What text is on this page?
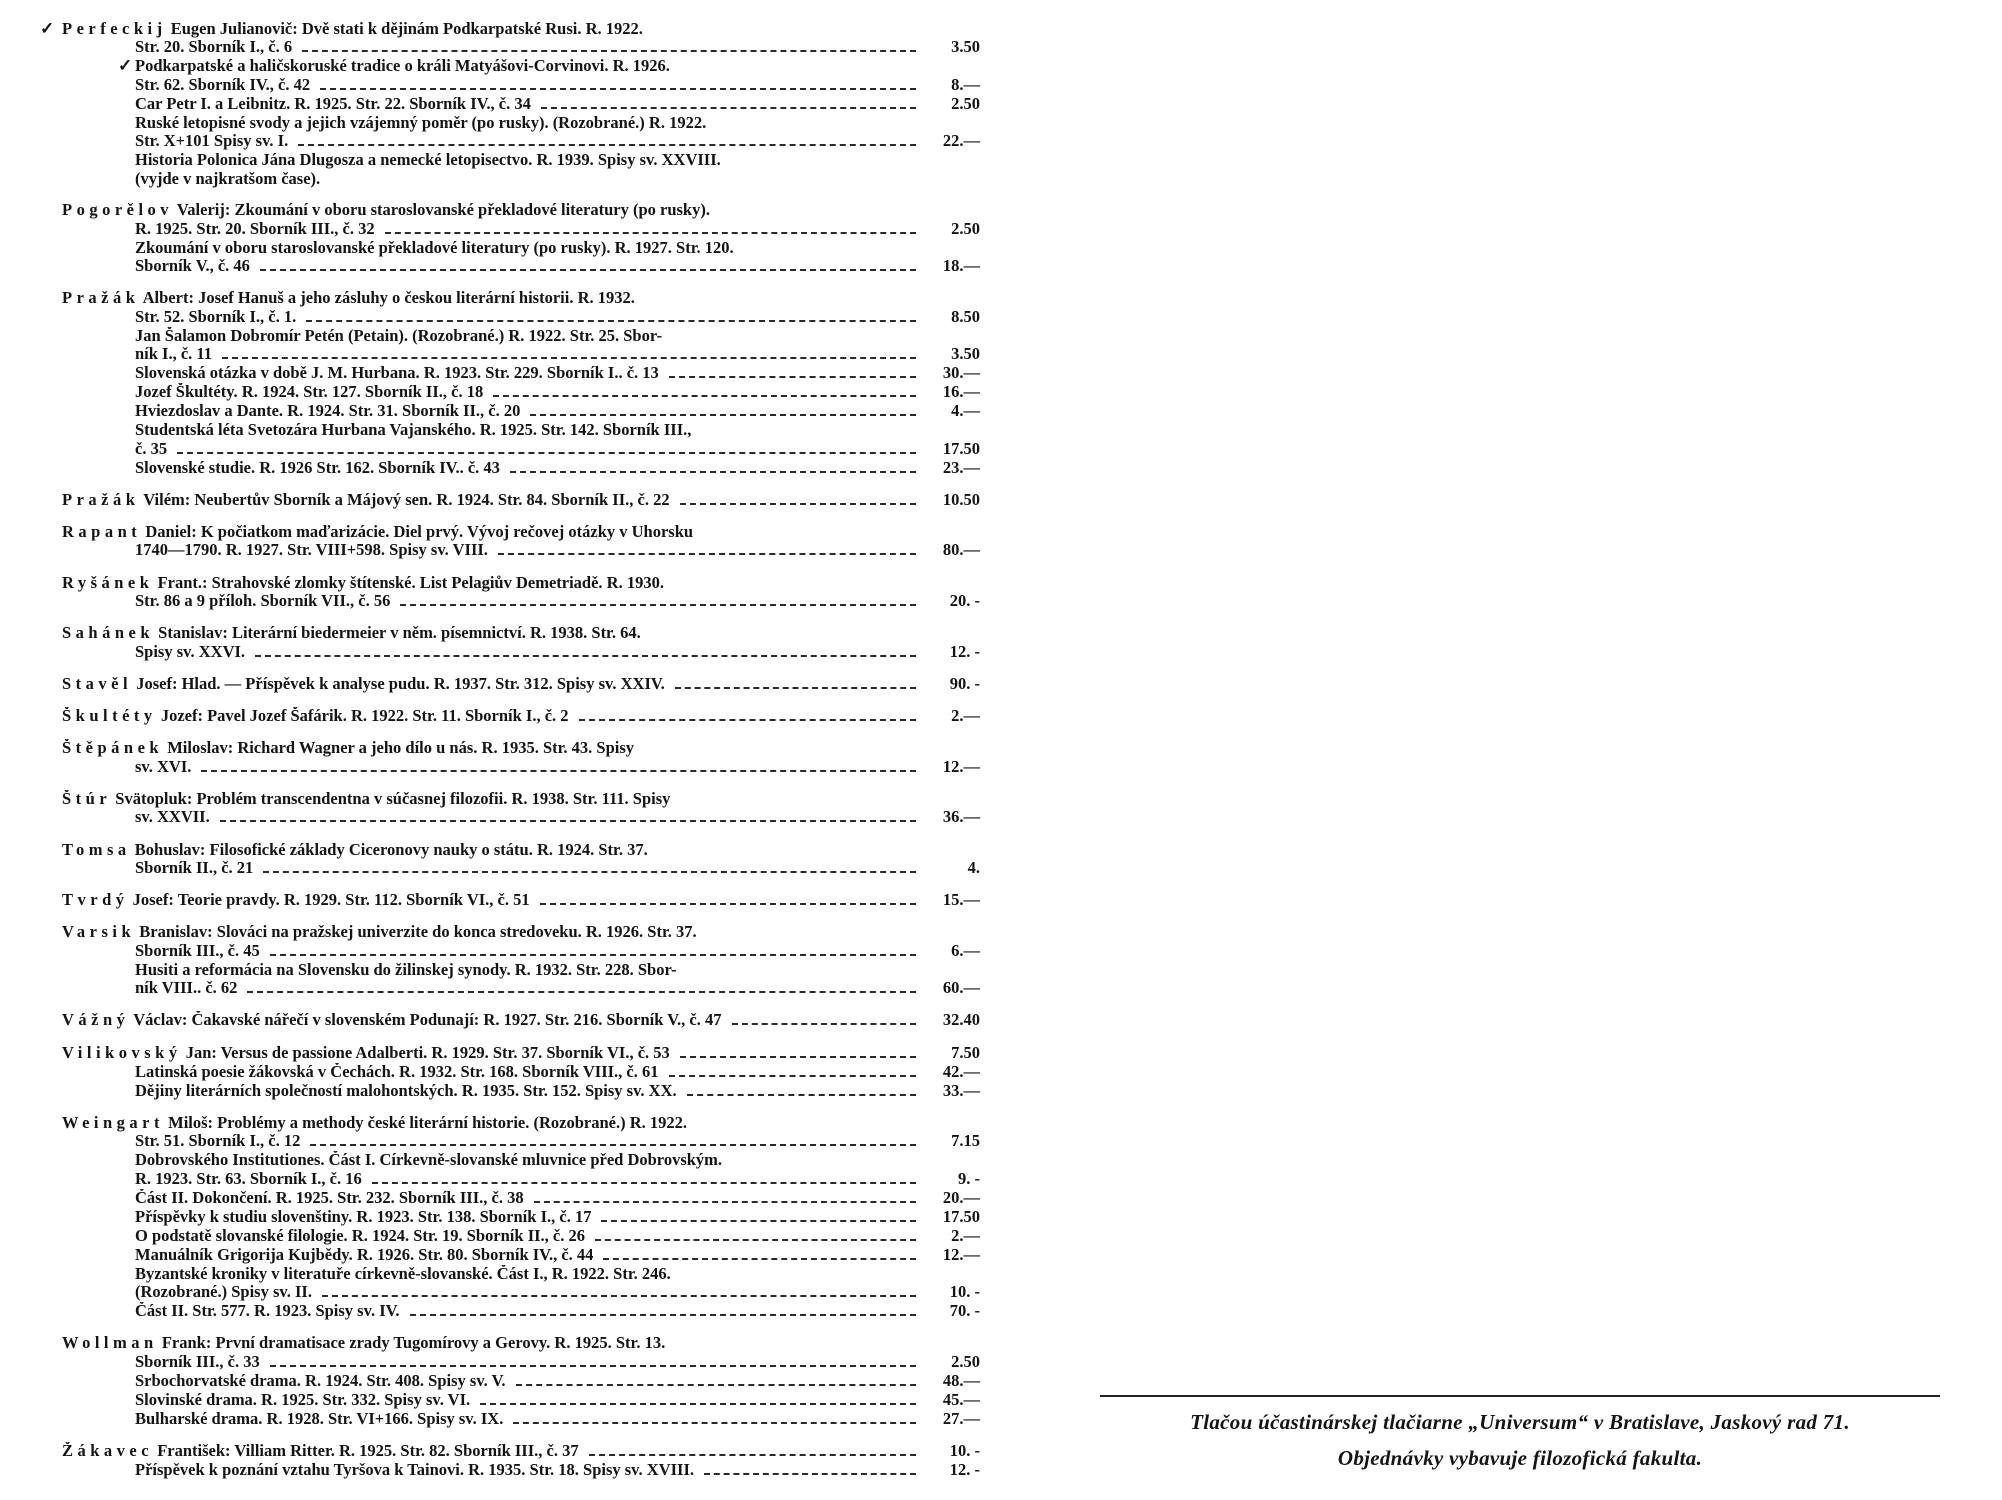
✓ Perfeckij Eugen Julianovič: Dvě stati k dějinám Podkarpatské Rusi. R. 1922.
Str. 20. Sborník I., č. 6	3.50
✓ Podkarpatské a haličskoruské tradice o králi Matyášovi-Corvinovi. R. 1926.
Str. 62. Sborník IV., č. 42	8.—
Car Petr I. a Leibnitz. R. 1925. Str. 22. Sborník IV., č. 34	2.50
Ruské letopisné svody a jejich vzájemný poměr (po rusky). (Rozobrané.) R. 1922.
Str. X+101 Spisy sv. I.	22.—
Historia Polonica Jána Dlugosza a nemecké letopisectvo. R. 1939. Spisy sv. XXVIII.
(vyjde v najkratšom čase).
Pogorělov Valerij: Zkoumání v oboru staroslovanské překladové literatury (po rusky).
R. 1925. Str. 20. Sborník III., č. 32	2.50
Zkoumání v oboru staroslovanské překladové literatury (po rusky). R. 1927. Str. 120.
Sborník V., č. 46	18.—
Pražák Albert: Josef Hanuš a jeho zásluhy o českou literární historii. R. 1932.
Str. 52. Sborník I., č. 1.	8.50
Jan Šalamon Dobromír Petén (Petain). (Rozobrané.) R. 1922. Str. 25. Sbor-
ník I., č. 11	3.50
Slovenská otázka v době J. M. Hurbana. R. 1923. Str. 229. Sborník I.. č. 13	30.—
Jozef Škultéty. R. 1924. Str. 127. Sborník II., č. 18	16.—
Hviezdoslav a Dante. R. 1924. Str. 31. Sborník II., č. 20	4.—
Studentská léta Svetozára Hurbana Vajanského. R. 1925. Str. 142. Sborník III.,
č. 35	17.50
Slovenské studie. R. 1926 Str. 162. Sborník IV.. č. 43	23.—
Pražák Vilém: Neubertův Sborník a Májový sen. R. 1924. Str. 84. Sborník II., č. 22	10.50
Rapant Daniel: K počiatkom maďarizácie. Diel prvý. Vývoj rečovej otázky v Uhorsku
1740—1790. R. 1927. Str. VIII+598. Spisy sv. VIII.	80.—
Ryšánek Frant.: Strahovské zlomky štítenské. List Pelagiův Demetriadě. R. 1930.
Str. 86 a 9 příloh. Sborník VII., č. 56	20. -
Sahánek Stanislav: Literární biedermeier v něm. písemnictví. R. 1938. Str. 64.
Spisy sv. XXVI.	12. -
Stavěl Josef: Hlad. — Příspěvek k analyse pudu. R. 1937. Str. 312. Spisy sv. XXIV.	90. -
Škultéty Jozef: Pavel Jozef Šafárik. R. 1922. Str. 11. Sborník I., č. 2	2.—
Štěpánek Miloslav: Richard Wagner a jeho dílo u nás. R. 1935. Str. 43. Spisy
sv. XVI.	12.—
Štúr Svätopluk: Problém transcendentna v súčasnej filozofii. R. 1938. Str. 111. Spisy
sv. XXVII.	36.—
Tomsa Bohuslav: Filosofické základy Ciceronovy nauky o státu. R. 1924. Str. 37.
Sborník II., č. 21	4.
Tvrdý Josef: Teorie pravdy. R. 1929. Str. 112. Sborník VI., č. 51	15.—
Varsik Branislav: Slováci na pražskej univerzite do konca stredoveku. R. 1926. Str. 37.
Sborník III., č. 45	6.—
Husiti a reformácia na Slovensku do žilinskej synody. R. 1932. Str. 228. Sbor-
ník VIII.. č. 62	60.—
Vážný Václav: Čakavské nářečí v slovenském Podunají: R. 1927. Str. 216. Sborník V., č. 47	32.40
Vilikovský Jan: Versus de passione Adalberti. R. 1929. Str. 37. Sborník VI., č. 53	7.50
Latinská poesie žákovská v Čechách. R. 1932. Str. 168. Sborník VIII., č. 61	42.—
Dějiny literárních společností malohontských. R. 1935. Str. 152. Spisy sv. XX.	33.—
Weingart Miloš: Problémy a methody české literární historie. (Rozobrané.) R. 1922.
Str. 51. Sborník I., č. 12	7.15
Dobrovského Institutiones. Část I. Církevně-slovanské mluvnice před Dobrovským.
R. 1923. Str. 63. Sborník I., č. 16	9. -
Část II. Dokončení. R. 1925. Str. 232. Sborník III., č. 38	20.—
Příspěvky k studiu slovenštiny. R. 1923. Str. 138. Sborník I., č. 17	17.50
O podstatě slovanské filologie. R. 1924. Str. 19. Sborník II., č. 26	2.—
Manuálník Grigorija Kujbědy. R. 1926. Str. 80. Sborník IV., č. 44	12.—
Byzantské kroniky v literatuře církevně-slovanské. Část I., R. 1922. Str. 246.
(Rozobrané.) Spisy sv. II.	10. -
Část II. Str. 577. R. 1923. Spisy sv. IV.	70. -
Wollman Frank: První dramatisace zrady Tugomírovy a Gerovy. R. 1925. Str. 13.
Sborník III., č. 33	2.50
Srbochorvatské drama. R. 1924. Str. 408. Spisy sv. V.	48.—
Slovinské drama. R. 1925. Str. 332. Spisy sv. VI.	45.—
Bulharské drama. R. 1928. Str. VI+166. Spisy sv. IX.	27.—
Žákavec František: Villiam Ritter. R. 1925. Str. 82. Sborník III., č. 37	10. -
Příspěvek k poznání vztahu Tyršova k Tainovi. R. 1935. Str. 18. Spisy sv. XVIII.	12. -
Tlačou účastinárskej tlačiarne „Universum“ v Bratislave, Jaskový rad 71.
Objednávky vybavuje filozofická fakulta.
